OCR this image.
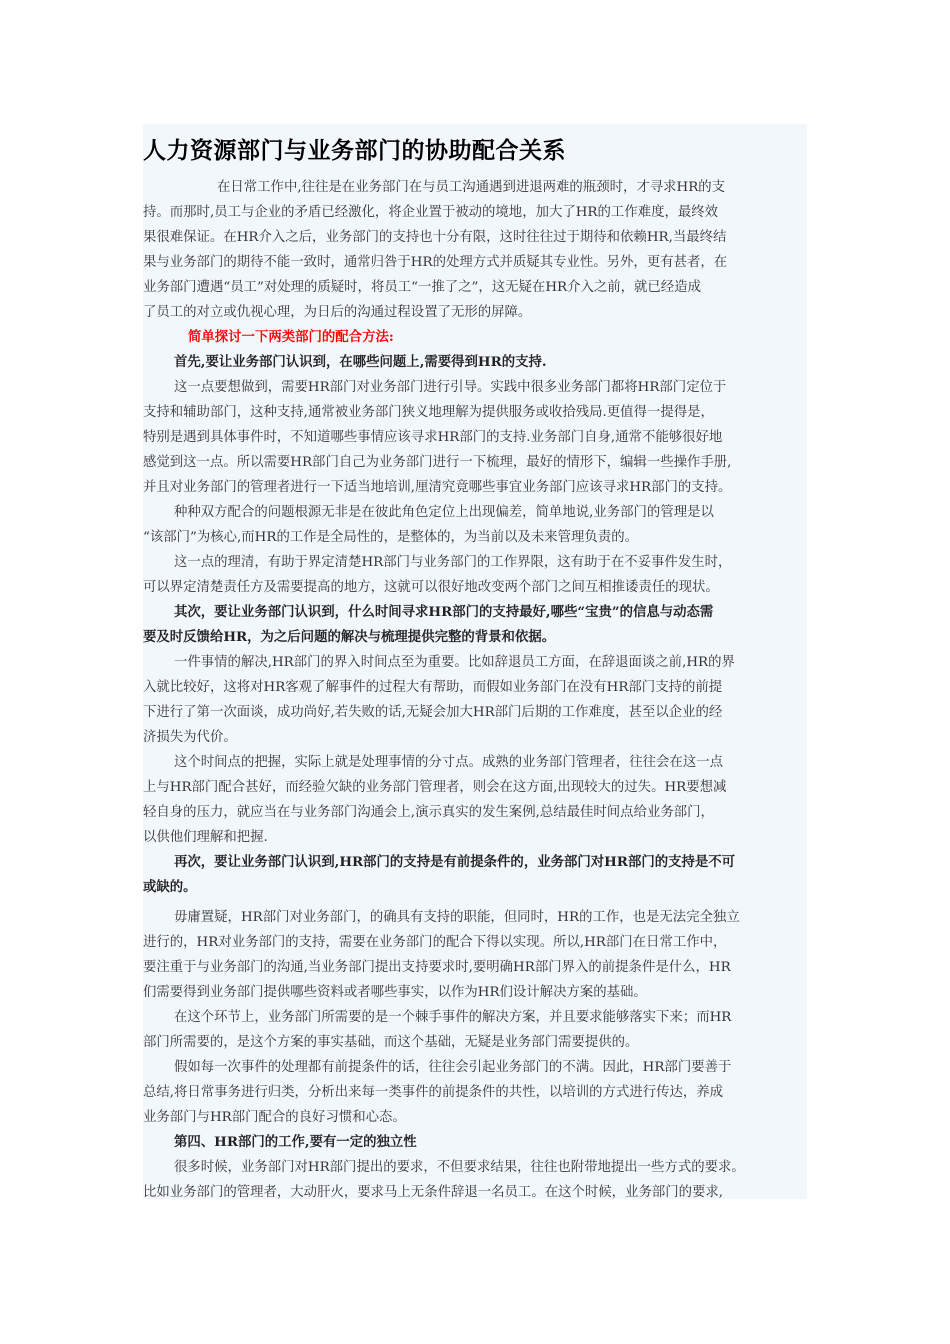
人力资源部门与业务部门的协助配合关系
在日常工作中,往往是在业务部门在与员工沟通遇到进退两难的瓶颈时，才寻求HR的支
持。而那时,员工与企业的矛盾已经激化，将企业置于被动的境地，加大了HR的工作难度，最终效
果很难保证。在HR介入之后，业务部门的支持也十分有限，这时往往过于期待和依赖HR,当最终结
果与业务部门的期待不能一致时，通常归咎于HR的处理方式并质疑其专业性。另外，更有甚者，在
业务部门遭遇“员工”对处理的质疑时，将员工“一推了之”，这无疑在HR介入之前，就已经造成
了员工的对立或仇视心理，为日后的沟通过程设置了无形的屏障。
简单探讨一下两类部门的配合方法:
首先,要让业务部门认识到，在哪些问题上,需要得到HR的支持.
这一点要想做到，需要HR部门对业务部门进行引导。实践中很多业务部门都将HR部门定位于
支持和辅助部门，这种支持,通常被业务部门狭义地理解为提供服务或收拾残局.更值得一提得是，
特别是遇到具体事件时，不知道哪些事情应该寻求HR部门的支持.业务部门自身,通常不能够很好地
感觉到这一点。所以需要HR部门自己为业务部门进行一下梳理，最好的情形下，编辑一些操作手册,
并且对业务部门的管理者进行一下适当地培训,厘清究竟哪些事宜业务部门应该寻求HR部门的支持。
种种双方配合的问题根源无非是在彼此角色定位上出现偏差，简单地说,业务部门的管理是以
“该部门”为核心,而HR的工作是全局性的，是整体的，为当前以及未来管理负责的。
这一点的理清，有助于界定清楚HR部门与业务部门的工作界限，这有助于在不妥事件发生时，
可以界定清楚责任方及需要提高的地方，这就可以很好地改变两个部门之间互相推诿责任的现状。
其次，要让业务部门认识到，什么时间寻求HR部门的支持最好,哪些“宝贵”的信息与动态需
要及时反馈给HR，为之后问题的解决与梳理提供完整的背景和依据。
一件事情的解决,HR部门的界入时间点至为重要。比如辞退员工方面，在辞退面谈之前,HR的界
入就比较好，这将对HR客观了解事件的过程大有帮助，而假如业务部门在没有HR部门支持的前提
下进行了第一次面谈，成功尚好,若失败的话,无疑会加大HR部门后期的工作难度，甚至以企业的经
济损失为代价。
这个时间点的把握，实际上就是处理事情的分寸点。成熟的业务部门管理者，往往会在这一点
上与HR部门配合甚好，而经验欠缺的业务部门管理者，则会在这方面,出现较大的过失。HR要想减
轻自身的压力，就应当在与业务部门沟通会上,演示真实的发生案例,总结最佳时间点给业务部门，
以供他们理解和把握.
再次，要让业务部门认识到,HR部门的支持是有前提条件的，业务部门对HR部门的支持是不可
或缺的。
毋庸置疑，HR部门对业务部门，的确具有支持的职能，但同时，HR的工作，也是无法完全独立
进行的，HR对业务部门的支持，需要在业务部门的配合下得以实现。所以,HR部门在日常工作中，
要注重于与业务部门的沟通,当业务部门提出支持要求时,要明确HR部门界入的前提条件是什么，HR
们需要得到业务部门提供哪些资料或者哪些事实，以作为HR们设计解决方案的基础。
在这个环节上，业务部门所需要的是一个棘手事件的解决方案，并且要求能够落实下来；而HR
部门所需要的，是这个方案的事实基础，而这个基础，无疑是业务部门需要提供的。
假如每一次事件的处理都有前提条件的话，往往会引起业务部门的不满。因此，HR部门要善于
总结,将日常事务进行归类，分析出来每一类事件的前提条件的共性，以培训的方式进行传达，养成
业务部门与HR部门配合的良好习惯和心态。
第四、HR部门的工作,要有一定的独立性
很多时候，业务部门对HR部门提出的要求，不但要求结果，往往也附带地提出一些方式的要求。
比如业务部门的管理者，大动肝火，要求马上无条件辞退一名员工。在这个时候，业务部门的要求,
